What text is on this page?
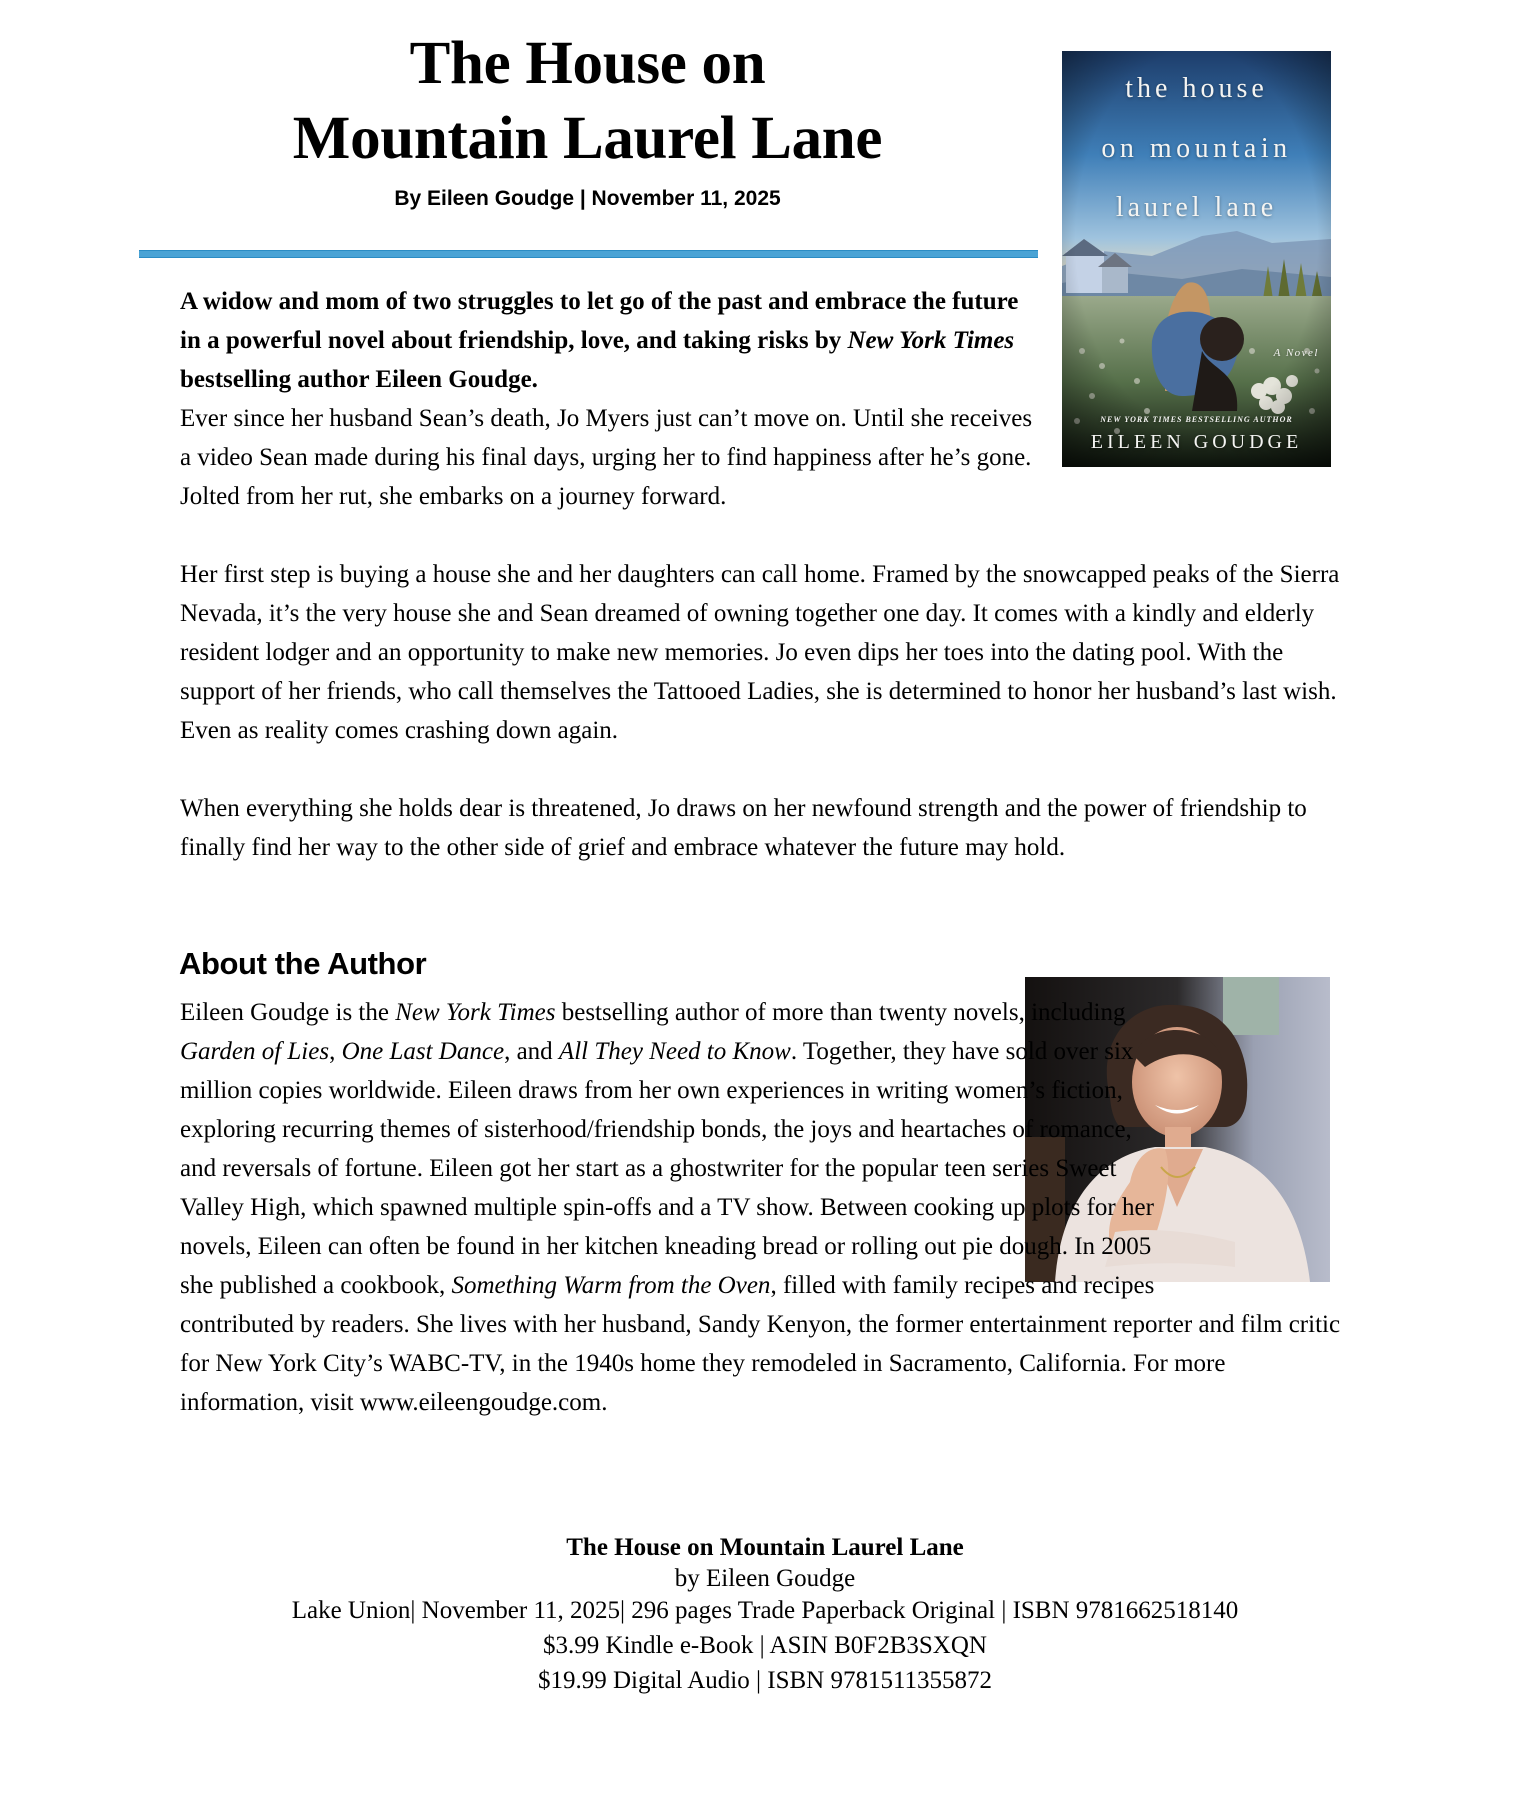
The House on
Mountain Laurel Lane
By Eileen Goudge | November 11, 2025
the house
on mountain
laurel lane
A Novel
NEW YORK TIMES BESTSELLING AUTHOR
EILEEN GOUDGE

A widow and mom of two struggles to let go of the past and embrace the future in a powerful novel about friendship, love, and taking risks by New York Times bestselling author Eileen Goudge.

Ever since her husband Sean’s death, Jo Myers just can’t move on. Until she receives a video Sean made during his final days, urging her to find happiness after he’s gone. Jolted from her rut, she embarks on a journey forward.

Her first step is buying a house she and her daughters can call home. Framed by the snowcapped peaks of the Sierra Nevada, it’s the very house she and Sean dreamed of owning together one day. It comes with a kindly and elderly resident lodger and an opportunity to make new memories. Jo even dips her toes into the dating pool. With the support of her friends, who call themselves the Tattooed Ladies, she is determined to honor her husband’s last wish. Even as reality comes crashing down again.

When everything she holds dear is threatened, Jo draws on her newfound strength and the power of friendship to finally find her way to the other side of grief and embrace whatever the future may hold.

About the Author

Eileen Goudge is the New York Times bestselling author of more than twenty novels, including Garden of Lies, One Last Dance, and All They Need to Know. Together, they have sold over six million copies worldwide. Eileen draws from her own experiences in writing women’s fiction, exploring recurring themes of sisterhood/friendship bonds, the joys and heartaches of romance, and reversals of fortune. Eileen got her start as a ghostwriter for the popular teen series Sweet Valley High, which spawned multiple spin-offs and a TV show. Between cooking up plots for her novels, Eileen can often be found in her kitchen kneading bread or rolling out pie dough. In 2005 she published a cookbook, Something Warm from the Oven, filled with family recipes and recipes contributed by readers. She lives with her husband, Sandy Kenyon, the former entertainment reporter and film critic for New York City’s WABC-TV, in the 1940s home they remodeled in Sacramento, California. For more information, visit www.eileengoudge.com.

The House on Mountain Laurel Lane
by Eileen Goudge
Lake Union| November 11, 2025| 296 pages Trade Paperback Original | ISBN 9781662518140
$3.99 Kindle e-Book | ASIN B0F2B3SXQN
$19.99 Digital Audio | ISBN 9781511355872
